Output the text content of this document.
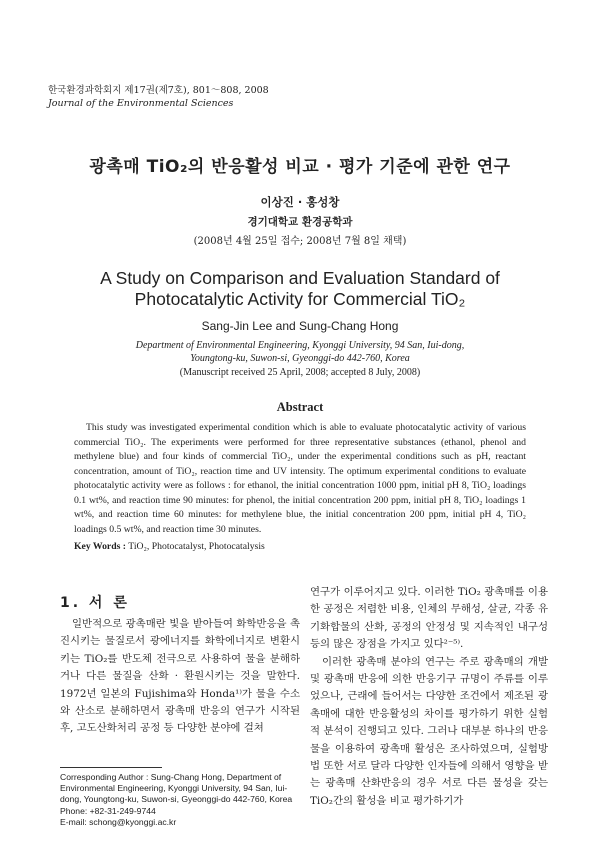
한국환경과학회지 제17권(제7호), 801～808, 2008
Journal of the Environmental Sciences
광촉매 TiO₂의 반응활성 비교 · 평가 기준에 관한 연구
이상진 · 홍성창
경기대학교 환경공학과
(2008년 4월 25일 접수; 2008년 7월 8일 채택)
A Study on Comparison and Evaluation Standard of
Photocatalytic Activity for Commercial TiO₂
Sang-Jin Lee and Sung-Chang Hong
Department of Environmental Engineering, Kyonggi University, 94 San, Iui-dong,
Youngtong-ku, Suwon-si, Gyeonggi-do 442-760, Korea
(Manuscript received 25 April, 2008; accepted 8 July, 2008)
Abstract

This study was investigated experimental condition which is able to evaluate photocatalytic activity of various commercial TiO₂. The experiments were performed for three representative substances (ethanol, phenol and methylene blue) and four kinds of commercial TiO₂, under the experimental conditions such as pH, reactant concentration, amount of TiO₂, reaction time and UV intensity. The optimum experimental conditions to evaluate photocatalytic activity were as follows : for ethanol, the initial concentration 1000 ppm, initial pH 8, TiO₂ loadings 0.1 wt%, and reaction time 90 minutes: for phenol, the initial concentration 200 ppm, initial pH 8, TiO₂ loadings 1 wt%, and reaction time 60 minutes: for methylene blue, the initial concentration 200 ppm, initial pH 4, TiO₂ loadings 0.5 wt%, and reaction time 30 minutes.

Key Words : TiO₂, Photocatalyst, Photocatalysis
1. 서 론

일반적으로 광촉매란 빛을 받아들여 화학반응을 촉진시키는 물질로서 광에너지를 화학에너지로 변환시키는 TiO₂를 반도체 전극으로 사용하여 물을 분해하거나 다른 물질을 산화 · 환원시키는 것을 말한다. 1972년 일본의 Fujishima와 Honda¹⁾가 물을 수소와 산소로 분해하면서 광촉매 반응의 연구가 시작된 후, 고도산화처리 공정 등 다양한 분야에 걸쳐

연구가 이루어지고 있다. 이러한 TiO₂ 광촉매를 이용한 공정은 저렴한 비용, 인체의 무해성, 살균, 각종 유기화합물의 산화, 공정의 안정성 및 지속적인 내구성 등의 많은 장점을 가지고 있다²⁻⁵⁾.

이러한 광촉매 분야의 연구는 주로 광촉매의 개발 및 광촉매 반응에 의한 반응기구 규명이 주류를 이루었으나, 근래에 들어서는 다양한 조건에서 제조된 광촉매에 대한 반응활성의 차이를 평가하기 위한 실험적 분석이 진행되고 있다. 그러나 대부분 하나의 반응물을 이용하여 광촉매 활성은 조사하였으며, 실험방법 또한 서로 달라 다양한 인자들에 의해서 영향을 받는 광촉매 산화반응의 경우 서로 다른 물성을 갖는 TiO₂간의 활성을 비교 평가하기가

Corresponding Author : Sung-Chang Hong, Department of
Environmental Engineering, Kyonggi University, 94 San, Iui-
dong, Youngtong-ku, Suwon-si, Gyeonggi-do 442-760, Korea
Phone: +82-31-249-9744
E-mail: schong@kyonggi.ac.kr
